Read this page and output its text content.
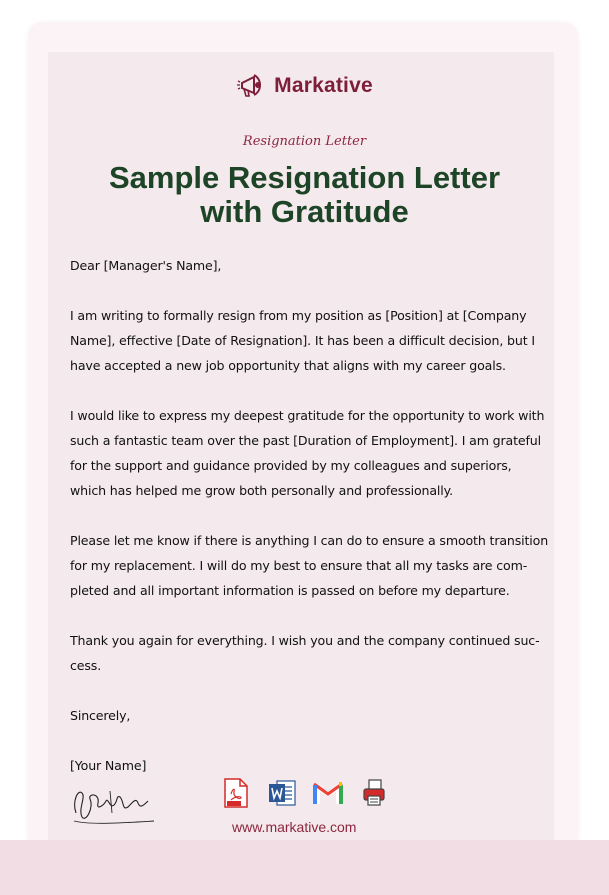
Markative
Resignation Letter
Sample Resignation Letter
with Gratitude

Dear [Manager's Name],

I am writing to formally resign from my position as [Position] at [Company
Name], effective [Date of Resignation]. It has been a difficult decision, but I
have accepted a new job opportunity that aligns with my career goals.

I would like to express my deepest gratitude for the opportunity to work with
such a fantastic team over the past [Duration of Employment]. I am grateful
for the support and guidance provided by my colleagues and superiors,
which has helped me grow both personally and professionally.

Please let me know if there is anything I can do to ensure a smooth transition
for my replacement. I will do my best to ensure that all my tasks are com-
pleted and all important information is passed on before my departure.

Thank you again for everything. I wish you and the company continued suc-
cess.

Sincerely,

[Your Name]

www.markative.com
